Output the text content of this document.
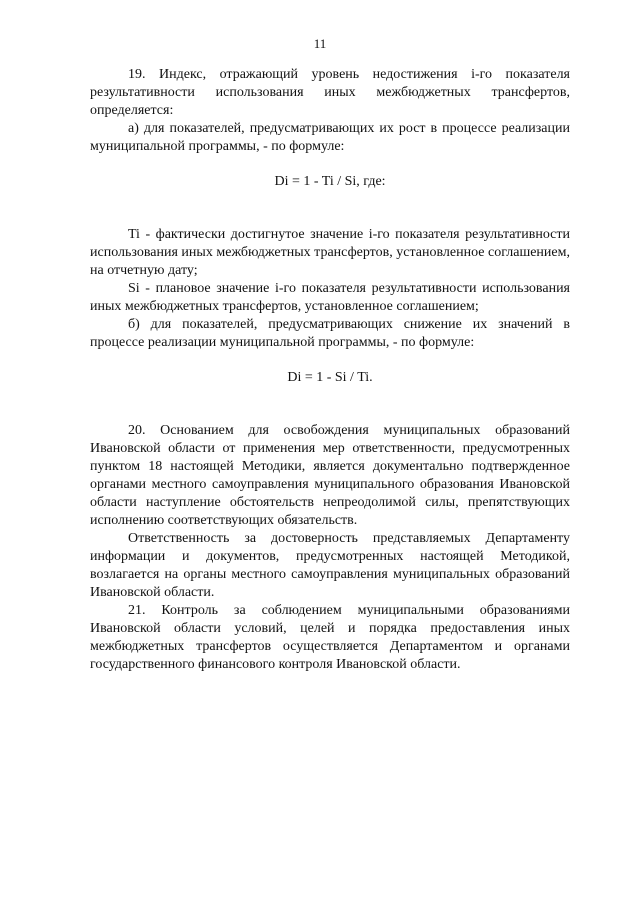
11

19. Индекс, отражающий уровень недостижения i-го показателя результативности использования иных межбюджетных трансфертов, определяется:

а) для показателей, предусматривающих их рост в процессе реализации муниципальной программы, - по формуле:

Di = 1 - Ti / Si, где:

Ti - фактически достигнутое значение i-го показателя результативности использования иных межбюджетных трансфертов, установленное соглашением, на отчетную дату;

Si - плановое значение i-го показателя результативности использования иных межбюджетных трансфертов, установленное соглашением;

б) для показателей, предусматривающих снижение их значений в процессе реализации муниципальной программы, - по формуле:

Di = 1 - Si / Ti.

20. Основанием для освобождения муниципальных образований Ивановской области от применения мер ответственности, предусмотренных пунктом 18 настоящей Методики, является документально подтвержденное органами местного самоуправления муниципального образования Ивановской области наступление обстоятельств непреодолимой силы, препятствующих исполнению соответствующих обязательств.

Ответственность за достоверность представляемых Департаменту информации и документов, предусмотренных настоящей Методикой, возлагается на органы местного самоуправления муниципальных образований Ивановской области.

21. Контроль за соблюдением муниципальными образованиями Ивановской области условий, целей и порядка предоставления иных межбюджетных трансфертов осуществляется Департаментом и органами государственного финансового контроля Ивановской области.
